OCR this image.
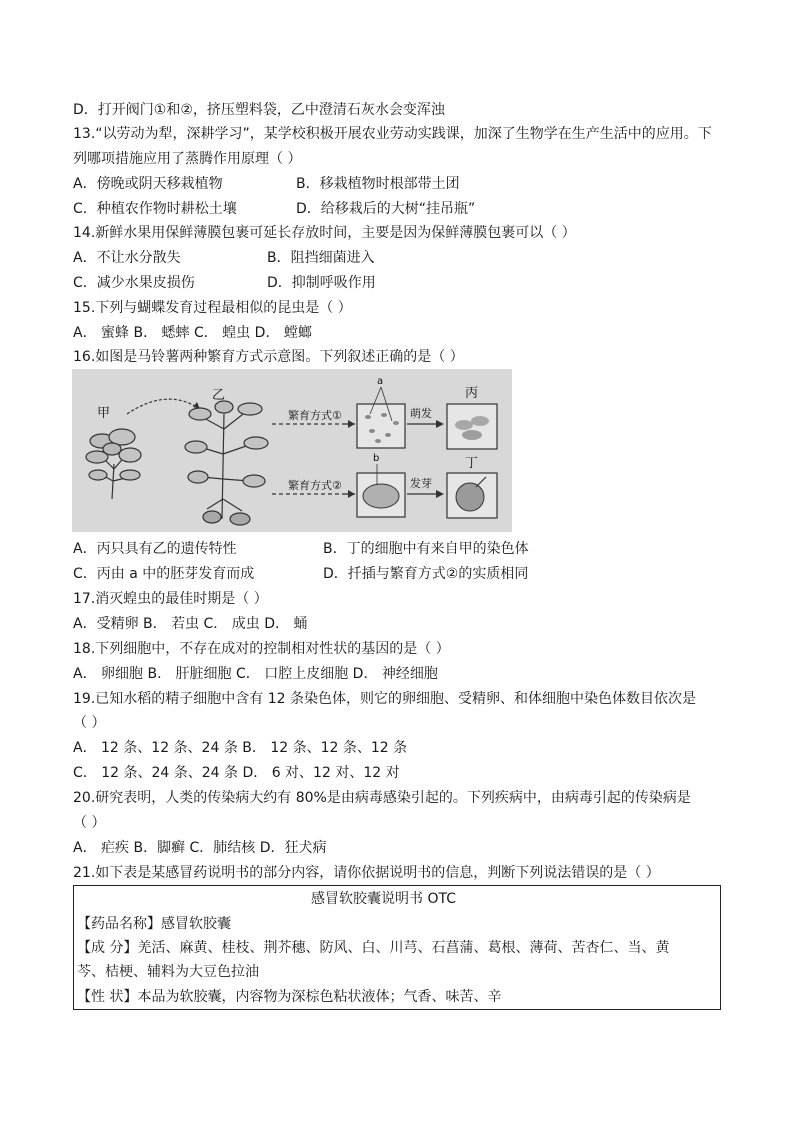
D．打开阀门①和②，挤压塑料袋，乙中澄清石灰水会变浑浊
13.“以劳动为犁，深耕学习”，某学校积极开展农业劳动实践课，加深了生物学在生产生活中的应用。下
列哪项措施应用了蒸腾作用原理（ ）
A．傍晚或阴天移栽植物	B．移栽植物时根部带土团
C．种植农作物时耕松土壤	D．给移栽后的大树“挂吊瓶”
14.新鲜水果用保鲜薄膜包裹可延长存放时间，主要是因为保鲜薄膜包裹可以（ ）
A．不让水分散失	B．阻挡细菌进入
C．减少水果皮损伤	D．抑制呼吸作用
15.下列与蝴蝶发育过程最相似的昆虫是（ ）
A． 蜜蜂 B． 蟋蟀 C． 蝗虫 D． 螳螂
16.如图是马铃薯两种繁育方式示意图。下列叙述正确的是（ ）
甲
乙
繁育方式①
繁育方式②
a
b
萌发
发芽
丙
丁
A．丙只具有乙的遗传特性	B．丁的细胞中有来自甲的染色体
C．丙由 a 中的胚芽发育而成	D．扦插与繁育方式②的实质相同
17.消灭蝗虫的最佳时期是（ ）
A．受精卵 B． 若虫 C． 成虫 D． 蛹
18.下列细胞中，不存在成对的控制相对性状的基因的是（ ）
A． 卵细胞 B． 肝脏细胞 C． 口腔上皮细胞 D． 神经细胞
19.已知水稻的精子细胞中含有 12 条染色体，则它的卵细胞、受精卵、和体细胞中染色体数目依次是
（ ）
A． 12 条、12 条、24 条 B． 12 条、12 条、12 条
C． 12 条、24 条、24 条 D． 6 对、12 对、12 对
20.研究表明，人类的传染病大约有 80%是由病毒感染引起的。下列疾病中，由病毒引起的传染病是
（ ）
A． 疟疾 B．脚癣 C．肺结核 D．狂犬病
21.如下表是某感冒药说明书的部分内容，请你依据说明书的信息，判断下列说法错误的是（ ）
感冒软胶囊说明书 OTC
【药品名称】感冒软胶囊
【成 分】羌活、麻黄、桂枝、荆芥穗、防风、白、川芎、石菖蒲、葛根、薄荷、苦杏仁、当、黄
芩、桔梗、辅料为大豆色拉油
【性 状】本品为软胶囊，内容物为深棕色粘状液体；气香、味苦、辛
